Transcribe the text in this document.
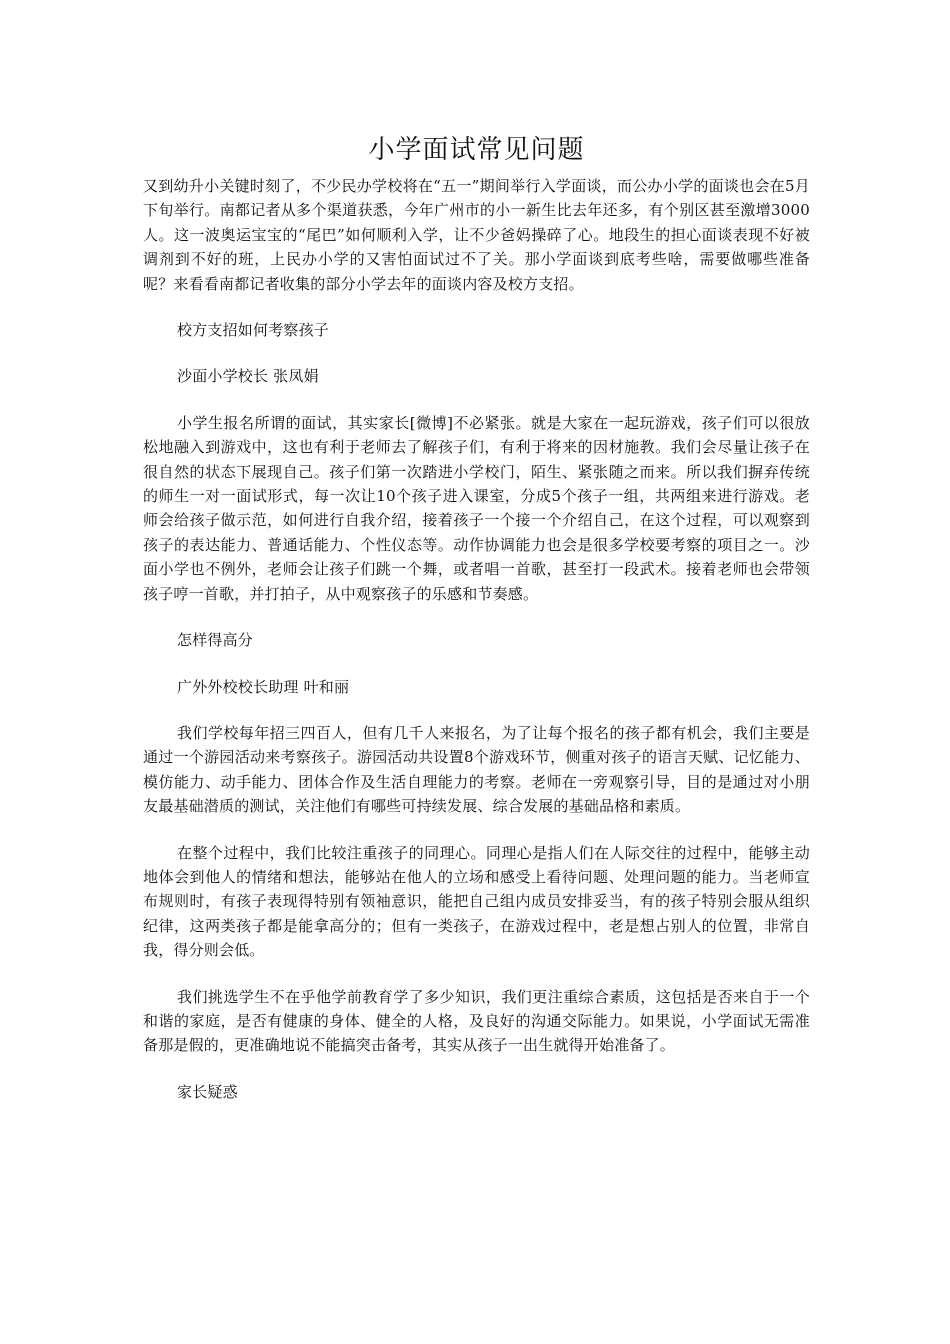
小学面试常见问题

又到幼升小关键时刻了，不少民办学校将在“五一”期间举行入学面谈，而公办小学的面谈也会在5月下旬举行。南都记者从多个渠道获悉，今年广州市的小一新生比去年还多，有个别区甚至激增3000人。这一波奥运宝宝的“尾巴”如何顺利入学，让不少爸妈操碎了心。地段生的担心面谈表现不好被调剂到不好的班，上民办小学的又害怕面试过不了关。那小学面谈到底考些啥，需要做哪些准备呢？来看看南都记者收集的部分小学去年的面谈内容及校方支招。

校方支招如何考察孩子

沙面小学校长 张凤娟

小学生报名所谓的面试，其实家长[微博]不必紧张。就是大家在一起玩游戏，孩子们可以很放松地融入到游戏中，这也有利于老师去了解孩子们，有利于将来的因材施教。我们会尽量让孩子在很自然的状态下展现自己。孩子们第一次踏进小学校门，陌生、紧张随之而来。所以我们摒弃传统的师生一对一面试形式，每一次让10个孩子进入课室，分成5个孩子一组，共两组来进行游戏。老师会给孩子做示范，如何进行自我介绍，接着孩子一个接一个介绍自己，在这个过程，可以观察到孩子的表达能力、普通话能力、个性仪态等。动作协调能力也会是很多学校要考察的项目之一。沙面小学也不例外，老师会让孩子们跳一个舞，或者唱一首歌，甚至打一段武术。接着老师也会带领孩子哼一首歌，并打拍子，从中观察孩子的乐感和节奏感。

怎样得高分

广外外校校长助理 叶和丽

我们学校每年招三四百人，但有几千人来报名，为了让每个报名的孩子都有机会，我们主要是通过一个游园活动来考察孩子。游园活动共设置8个游戏环节，侧重对孩子的语言天赋、记忆能力、模仿能力、动手能力、团体合作及生活自理能力的考察。老师在一旁观察引导，目的是通过对小朋友最基础潜质的测试，关注他们有哪些可持续发展、综合发展的基础品格和素质。

在整个过程中，我们比较注重孩子的同理心。同理心是指人们在人际交往的过程中，能够主动地体会到他人的情绪和想法，能够站在他人的立场和感受上看待问题、处理问题的能力。当老师宣布规则时，有孩子表现得特别有领袖意识，能把自己组内成员安排妥当，有的孩子特别会服从组织纪律，这两类孩子都是能拿高分的；但有一类孩子，在游戏过程中，老是想占别人的位置，非常自我，得分则会低。

我们挑选学生不在乎他学前教育学了多少知识，我们更注重综合素质，这包括是否来自于一个和谐的家庭，是否有健康的身体、健全的人格，及良好的沟通交际能力。如果说，小学面试无需准备那是假的，更准确地说不能搞突击备考，其实从孩子一出生就得开始准备了。

家长疑惑
